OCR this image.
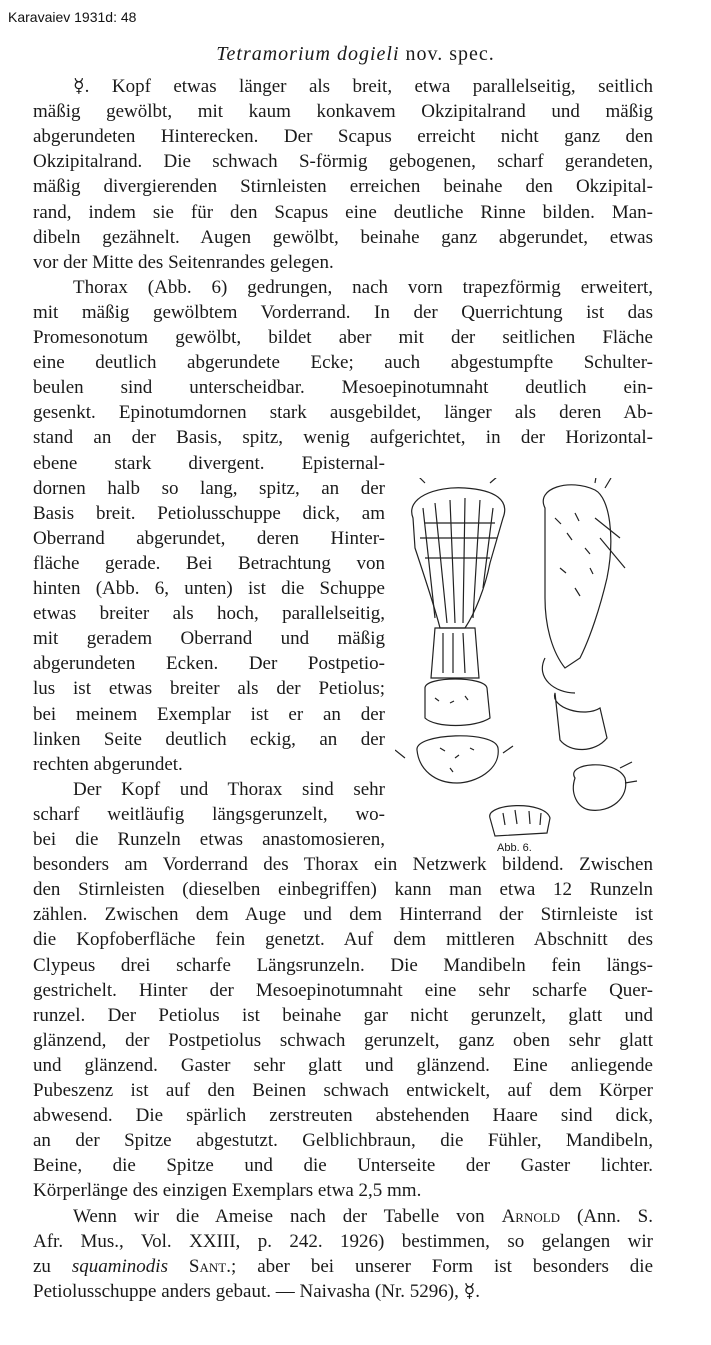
Karavaiev 1931d: 48
Tetramorium dogieli nov. spec.
☿. Kopf etwas länger als breit, etwa parallelseitig, seitlich
mäßig gewölbt, mit kaum konkavem Okzipitalrand und mäßig
abgerundeten Hinterecken. Der Scapus erreicht nicht ganz den
Okzipitalrand. Die schwach S-förmig gebogenen, scharf gerandeten,
mäßig divergierenden Stirnleisten erreichen beinahe den Okzipital-
rand, indem sie für den Scapus eine deutliche Rinne bilden. Man-
dibeln gezähnelt. Augen gewölbt, beinahe ganz abgerundet, etwas
vor der Mitte des Seitenrandes gelegen.
Thorax (Abb. 6) gedrungen, nach vorn trapezförmig erweitert,
mit mäßig gewölbtem Vorderrand. In der Querrichtung ist das
Promesonotum gewölbt, bildet aber mit der seitlichen Fläche
eine deutlich abgerundete Ecke; auch abgestumpfte Schulter-
beulen sind unterscheidbar. Mesoepinotumnaht deutlich ein-
gesenkt. Epinotumdornen stark ausgebildet, länger als deren Ab-
stand an der Basis, spitz, wenig aufgerichtet, in der Horizontal-
ebene stark divergent. Episternal-
dornen halb so lang, spitz, an der
Basis breit. Petiolusschuppe dick, am
Oberrand abgerundet, deren Hinter-
fläche gerade. Bei Betrachtung von
hinten (Abb. 6, unten) ist die Schuppe
etwas breiter als hoch, parallelseitig,
mit geradem Oberrand und mäßig
abgerundeten Ecken. Der Postpetio-
lus ist etwas breiter als der Petiolus;
bei meinem Exemplar ist er an der
linken Seite deutlich eckig, an der
rechten abgerundet.
Der Kopf und Thorax sind sehr
scharf weitläufig längsgerunzelt, wo-
bei die Runzeln etwas anastomosieren,
besonders am Vorderrand des Thorax ein Netzwerk bildend. Zwischen
den Stirnleisten (dieselben einbegriffen) kann man etwa 12 Runzeln
zählen. Zwischen dem Auge und dem Hinterrand der Stirnleiste ist
die Kopfoberfläche fein genetzt. Auf dem mittleren Abschnitt des
Clypeus drei scharfe Längsrunzeln. Die Mandibeln fein längs-
gestrichelt. Hinter der Mesoepinotumnaht eine sehr scharfe Quer-
runzel. Der Petiolus ist beinahe gar nicht gerunzelt, glatt und
glänzend, der Postpetiolus schwach gerunzelt, ganz oben sehr glatt
und glänzend. Gaster sehr glatt und glänzend. Eine anliegende
Pubeszenz ist auf den Beinen schwach entwickelt, auf dem Körper
abwesend. Die spärlich zerstreuten abstehenden Haare sind dick,
an der Spitze abgestutzt. Gelblichbraun, die Fühler, Mandibeln,
Beine, die Spitze und die Unterseite der Gaster lichter.
Körperlänge des einzigen Exemplars etwa 2,5 mm.
Wenn wir die Ameise nach der Tabelle von Arnold (Ann. S.
Afr. Mus., Vol. XXIII, p. 242. 1926) bestimmen, so gelangen wir
zu squaminodis Sant.; aber bei unserer Form ist besonders die
Petiolusschuppe anders gebaut. — Naivasha (Nr. 5296), ☿.
Abb. 6.
